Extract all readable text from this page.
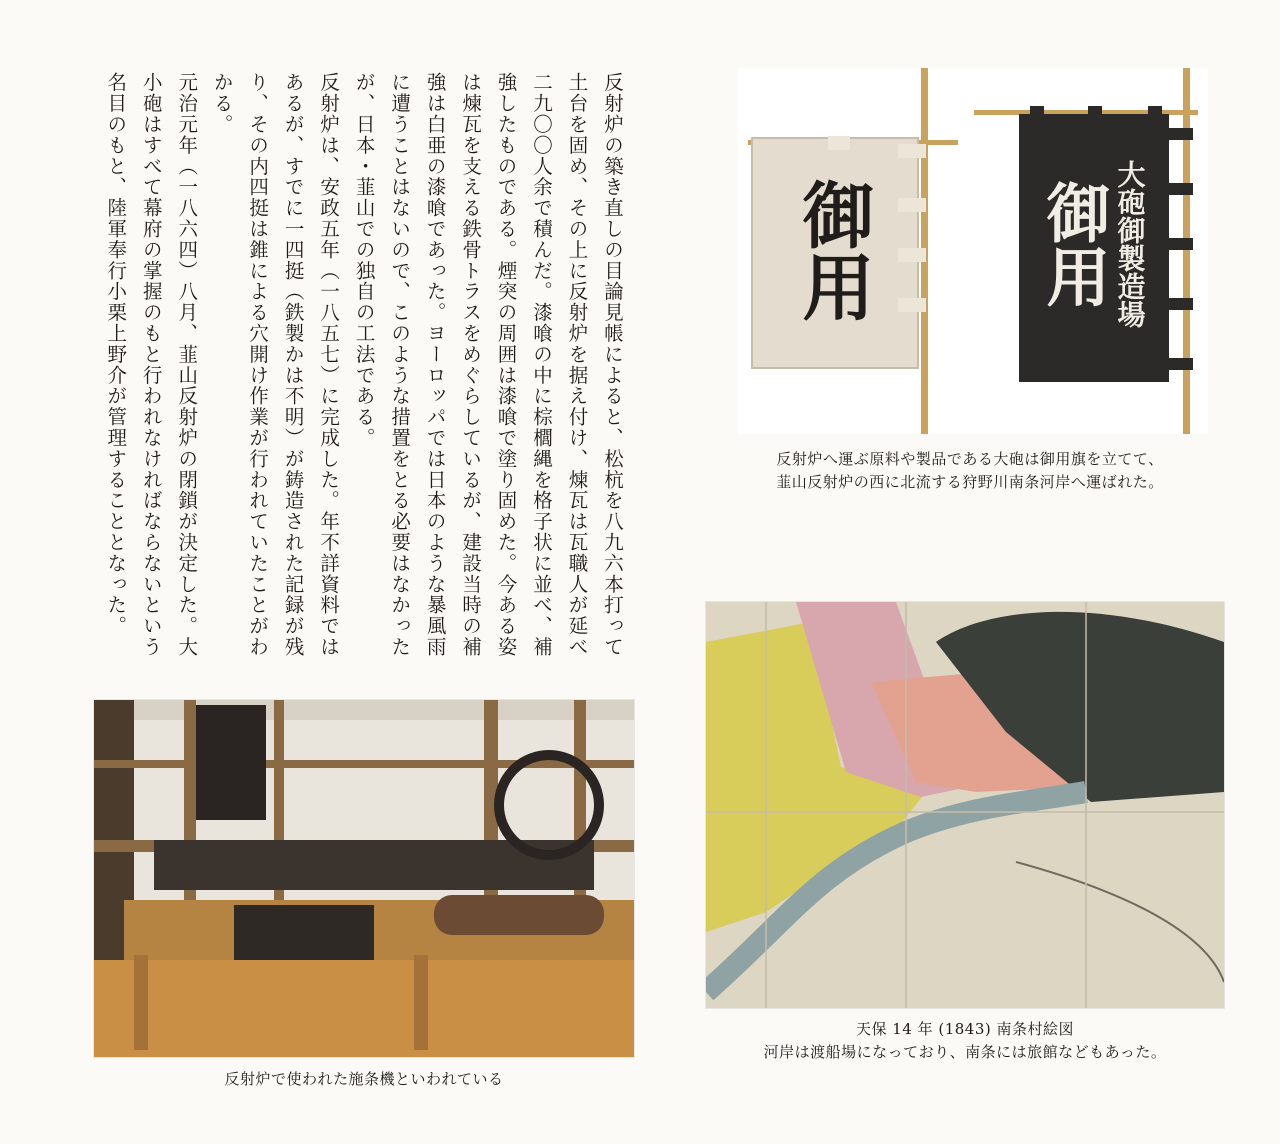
反射炉の築き直しの目論見帳によると、松杭を八九六本打って土台を固め、その上に反射炉を据え付け、煉瓦は瓦職人が延べ二九〇〇人余で積んだ。漆喰の中に棕櫚縄を格子状に並べ、補強したものである。煙突の周囲は漆喰で塗り固めた。今ある姿は煉瓦を支える鉄骨トラスをめぐらしているが、建設当時の補強は白亜の漆喰であった。ヨーロッパでは日本のような暴風雨に遭うことはないので、このような措置をとる必要はなかったが、日本・韮山での独自の工法である。

反射炉は、安政五年（一八五七）に完成した。年不詳資料ではあるが、すでに一四挺（鉄製かは不明）が鋳造された記録が残り、その内四挺は錐による穴開け作業が行われていたことがわかる。

元治元年（一八六四）八月、韮山反射炉の閉鎖が決定した。大小砲はすべて幕府の掌握のもと行われなければならないという名目のもと、陸軍奉行小栗上野介が管理することとなった。	御用	御用 大砲御製造場
反射炉へ運ぶ原料や製品である大砲は御用旗を立てて、
韮山反射炉の西に北流する狩野川南条河岸へ運ばれた。
反射炉で使われた施条機といわれている
天保 14 年 (1843) 南条村絵図
河岸は渡船場になっており、南条には旅館などもあった。
